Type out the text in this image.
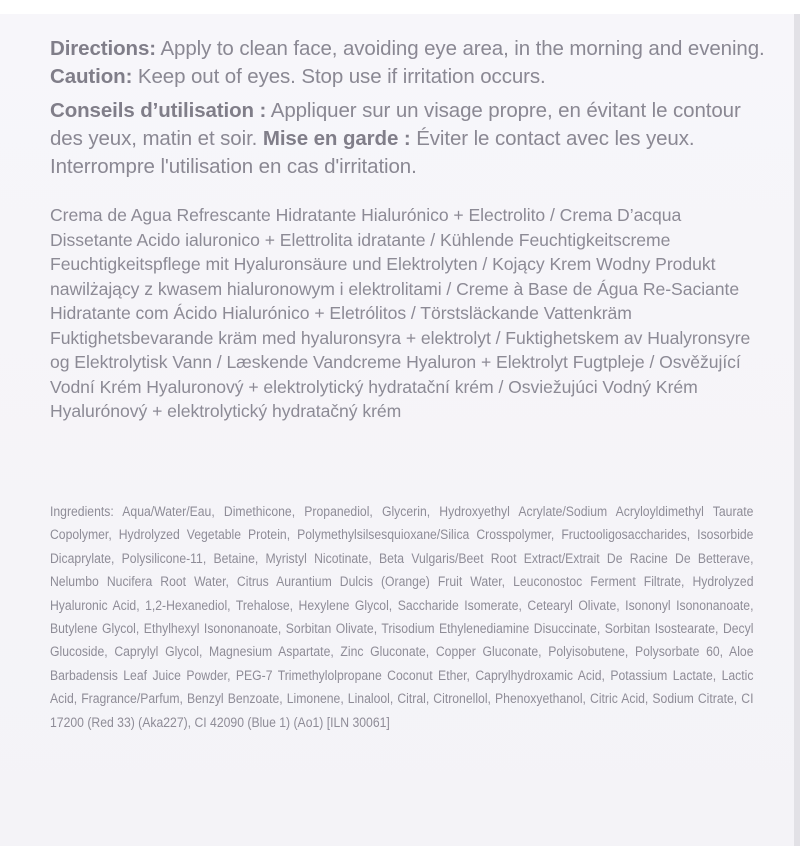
Directions: Apply to clean face, avoiding eye area, in the morning and evening. Caution: Keep out of eyes. Stop use if irritation occurs.

Conseils d’utilisation : Appliquer sur un visage propre, en évitant le contour des yeux, matin et soir. Mise en garde : Éviter le contact avec les yeux. Interrompre l'utilisation en cas d'irritation.

Crema de Agua Refrescante Hidratante Hialurónico + Electrolito / Crema D’acqua Dissetante Acido ialuronico + Elettrolita idratante / Kühlende Feuchtigkeitscreme Feuchtigkeitspflege mit Hyaluronsäure und Elektrolyten / Kojący Krem Wodny Produkt nawilżający z kwasem hialuronowym i elektrolitami / Creme à Base de Água Re-Saciante Hidratante com Ácido Hialurónico + Eletrólitos / Törstsläckande Vattenkräm Fuktighetsbevarande kräm med hyaluronsyra + elektrolyt / Fuktighetskem av Hualyronsyre og Elektrolytisk Vann / Læskende Vandcreme Hyaluron + Elektrolyt Fugtpleje / Osvěžující Vodní Krém Hyaluronový + elektrolytický hydratační krém / Osviežujúci Vodný Krém Hyalurónový + elektrolytický hydratačný krém

Ingredients: Aqua/Water/Eau, Dimethicone, Propanediol, Glycerin, Hydroxyethyl Acrylate/Sodium Acryloyldimethyl Taurate Copolymer, Hydrolyzed Vegetable Protein, Polymethylsilsesquioxane/Silica Crosspolymer, Fructooligosaccharides, Isosorbide Dicaprylate, Polysilicone-11, Betaine, Myristyl Nicotinate, Beta Vulgaris/Beet Root Extract/Extrait De Racine De Betterave, Nelumbo Nucifera Root Water, Citrus Aurantium Dulcis (Orange) Fruit Water, Leuconostoc Ferment Filtrate, Hydrolyzed Hyaluronic Acid, 1,2-Hexanediol, Trehalose, Hexylene Glycol, Saccharide Isomerate, Cetearyl Olivate, Isononyl Isononanoate, Butylene Glycol, Ethylhexyl Isononanoate, Sorbitan Olivate, Trisodium Ethylenediamine Disuccinate, Sorbitan Isostearate, Decyl Glucoside, Caprylyl Glycol, Magnesium Aspartate, Zinc Gluconate, Copper Gluconate, Polyisobutene, Polysorbate 60, Aloe Barbadensis Leaf Juice Powder, PEG-7 Trimethylolpropane Coconut Ether, Caprylhydroxamic Acid, Potassium Lactate, Lactic Acid, Fragrance/Parfum, Benzyl Benzoate, Limonene, Linalool, Citral, Citronellol, Phenoxyethanol, Citric Acid, Sodium Citrate, CI 17200 (Red 33) (Aka227), CI 42090 (Blue 1) (Ao1) [ILN 30061]
